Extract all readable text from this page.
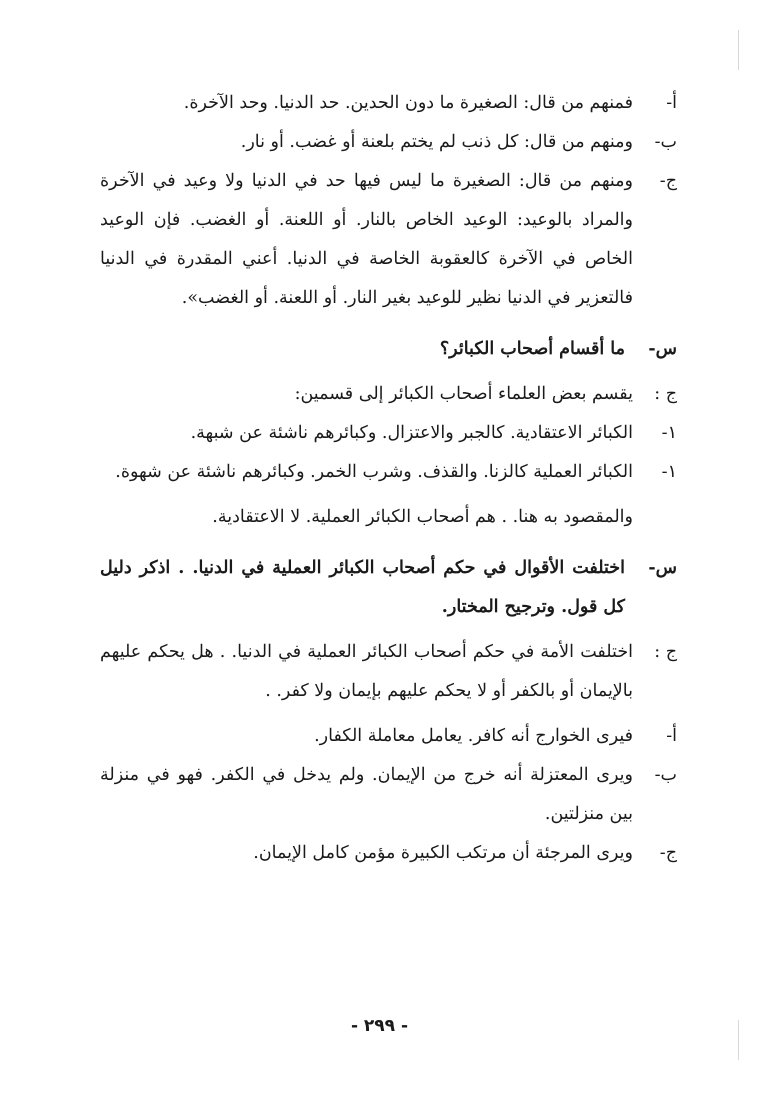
أ-
فمنهم من قال: الصغيرة ما دون الحدين. حد الدنيا. وحد الآخرة.
ب-
ومنهم من قال: كل ذنب لم يختم بلعنة أو غضب. أو نار.
ج-
ومنهم من قال: الصغيرة ما ليس فيها حد في الدنيا ولا وعيد في الآخرة والمراد بالوعيد: الوعيد الخاص بالنار. أو اللعنة. أو الغضب. فإن الوعيد الخاص في الآخرة كالعقوبة الخاصة في الدنيا. أعني المقدرة في الدنيا فالتعزير في الدنيا نظير للوعيد بغير النار. أو اللعنة. أو الغضب».
س-
ما أقسام أصحاب الكبائر؟
ج :
يقسم بعض العلماء أصحاب الكبائر إلى قسمين:
١-
الكبائر الاعتقادية. كالجبر والاعتزال. وكبائرهم ناشئة عن شبهة.
١-
الكبائر العملية كالزنا. والقذف. وشرب الخمر. وكبائرهم ناشئة عن شهوة.
والمقصود به هنا. . هم أصحاب الكبائر العملية. لا الاعتقادية.
س-
اختلفت الأقوال في حكم أصحاب الكبائر العملية في الدنيا. . اذكر دليل كل قول. وترجيح المختار.
ج :
اختلفت الأمة في حكم أصحاب الكبائر العملية في الدنيا. . هل يحكم عليهم بالإيمان أو بالكفر أو لا يحكم عليهم بإيمان ولا كفر. .
أ-
فيرى الخوارج أنه كافر. يعامل معاملة الكفار.
ب-
ويرى المعتزلة أنه خرج من الإيمان. ولم يدخل في الكفر. فهو في منزلة بين منزلتين.
ج-
ويرى المرجئة أن مرتكب الكبيرة مؤمن كامل الإيمان.
- ٢٩٩ -
